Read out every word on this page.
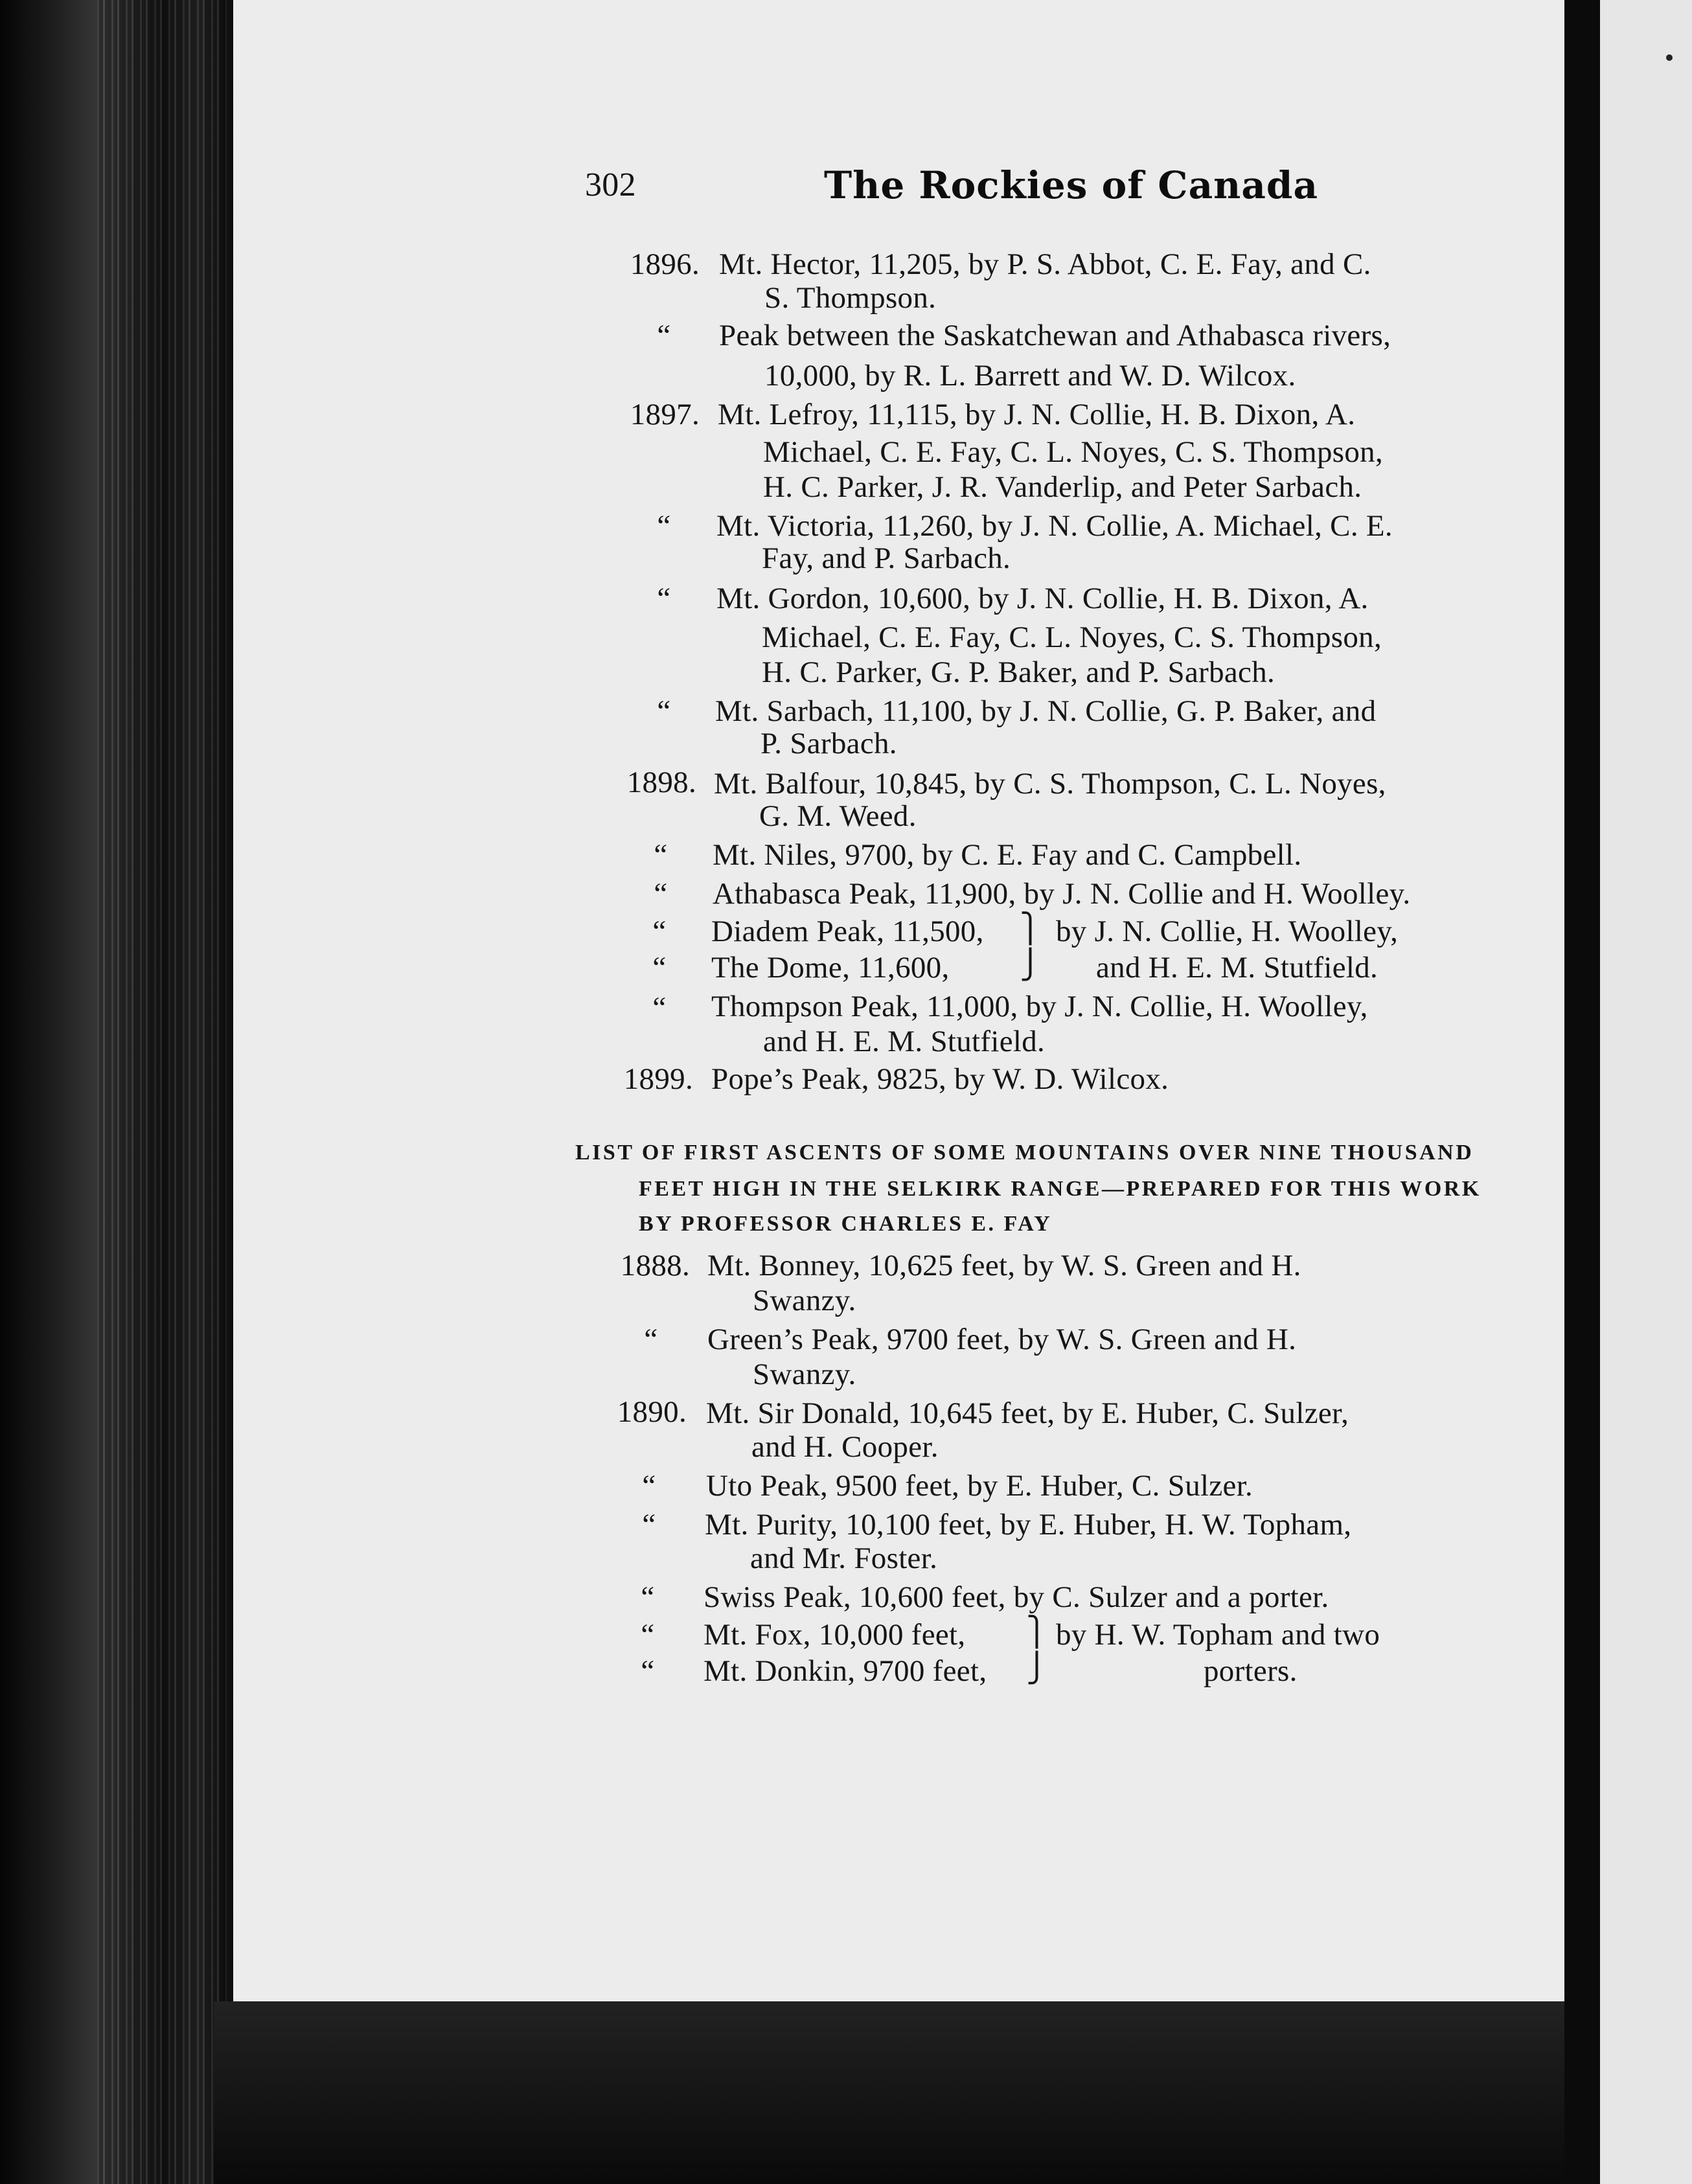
302	The Rockies of Canada
1896. Mt. Hector, 11,205, by P. S. Abbot, C. E. Fay, and C.
S. Thompson.
“ Peak between the Saskatchewan and Athabasca rivers,
10,000, by R. L. Barrett and W. D. Wilcox.
1897. Mt. Lefroy, 11,115, by J. N. Collie, H. B. Dixon, A.
Michael, C. E. Fay, C. L. Noyes, C. S. Thompson,
H. C. Parker, J. R. Vanderlip, and Peter Sarbach.
“ Mt. Victoria, 11,260, by J. N. Collie, A. Michael, C. E.
Fay, and P. Sarbach.
“ Mt. Gordon, 10,600, by J. N. Collie, H. B. Dixon, A.
Michael, C. E. Fay, C. L. Noyes, C. S. Thompson,
H. C. Parker, G. P. Baker, and P. Sarbach.
“ Mt. Sarbach, 11,100, by J. N. Collie, G. P. Baker, and
P. Sarbach.
1898. Mt. Balfour, 10,845, by C. S. Thompson, C. L. Noyes,
G. M. Weed.
“ Mt. Niles, 9700, by C. E. Fay and C. Campbell.
“ Athabasca Peak, 11,900, by J. N. Collie and H. Woolley.
“ Diadem Peak, 11,500, by J. N. Collie, H. Woolley,
“ The Dome, 11,600,	and H. E. M. Stutfield.
⎫
⎭
“ Thompson Peak, 11,000, by J. N. Collie, H. Woolley,
and H. E. M. Stutfield.
1899. Pope’s Peak, 9825, by W. D. Wilcox.
LIST OF FIRST ASCENTS OF SOME MOUNTAINS OVER NINE THOUSAND
FEET HIGH IN THE SELKIRK RANGE—PREPARED FOR THIS WORK
BY PROFESSOR CHARLES E. FAY
1888. Mt. Bonney, 10,625 feet, by W. S. Green and H.
Swanzy.
“ Green’s Peak, 9700 feet, by W. S. Green and H.
Swanzy.
1890. Mt. Sir Donald, 10,645 feet, by E. Huber, C. Sulzer,
and H. Cooper.
“ Uto Peak, 9500 feet, by E. Huber, C. Sulzer.
“ Mt. Purity, 10,100 feet, by E. Huber, H. W. Topham,
and Mr. Foster.
“ Swiss Peak, 10,600 feet, by C. Sulzer and a porter.
“ Mt. Fox, 10,000 feet,	by H. W. Topham and two
“ Mt. Donkin, 9700 feet,	porters.
⎫
⎭
